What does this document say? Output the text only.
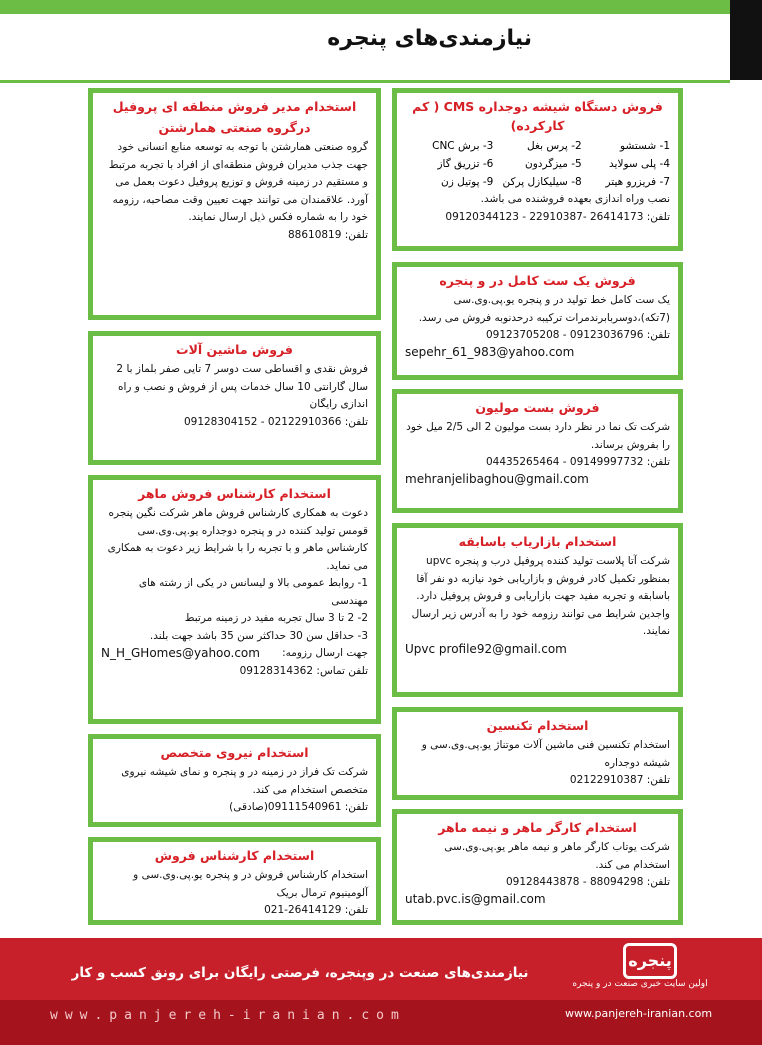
نیازمندی‌های پنجره
فروش دستگاه شیشه دوجداره CMS ( کم کارکرده)
1- شستشو
2- پرس بغل
3- برش CNC
4- پلی سولاید
5- میزگردون
6- تزریق گاز
7- فریزرو هیتر
8- سیلیکازل پرکن
9- پوتیل زن
نصب وراه اندازی بعهده فروشنده می باشد.
تلفن: 26414173 -22910387 - 09120344123
فروش یک ست کامل در و پنجره
یک ست کامل خط تولید در و پنجره یو.پی.وی.سی (7تکه)،دوسربابرندمرات ترکیبه درحدنوبه فروش می رسد.
تلفن: 09123036796 - 09123705208
sepehr_61_983@yahoo.com
فروش بست مولیون
شرکت تک نما در نظر دارد بست مولیون 2 الی 2/5 میل خود را بفروش برساند.
تلفن: 09149997732 - 04435265464
mehranjelibaghou@gmail.com
استخدام بازاریاب باسابقه
شرکت آتا پلاست تولید کننده پروفیل درب و پنجره upvc بمنظور تکمیل کادر فروش و بازاریابی خود نیازبه دو نفر آقا باسابقه و تجربه مفید جهت بازاریابی و فروش پروفیل دارد. واجدین شرایط می توانند رزومه خود را به آدرس زیر ارسال نمایند.
Upvc profile92@gmail.com
استخدام تکنسین
استخدام تکنسین فنی ماشین آلات موتناژ یو.پی.وی.سی و شیشه دوجداره
تلفن: 02122910387
استخدام کارگر ماهر و نیمه ماهر
شرکت یوتاب کارگر ماهر و نیمه ماهر یو.پی.وی.سی استخدام می کند.
تلفن: 88094298 - 09128443878
utab.pvc.is@gmail.com
استخدام مدیر فروش منطقه ای پروفیل
درگروه صنعتی همارشتن
گروه صنعتی همارشتن با توجه به توسعه منابع انسانی خود جهت جذب مدیران فروش منطقه‌ای از افراد با تجربه مرتبط و مستقیم در زمینه فروش و توزیع پروفیل دعوت بعمل می آورد. علاقمندان می توانند جهت تعیین وقت مصاحبه، رزومه خود را به شماره فکس ذیل ارسال نمایند.
تلفن: 88610819
فروش ماشین آلات
فروش نقدی و اقساطی ست دوسر 7 تایی صفر بلماز با 2 سال گارانتی 10 سال خدمات پس از فروش و نصب و راه اندازی رایگان
تلفن: 02122910366 - 09128304152
استخدام کارشناس فروش ماهر
دعوت به همکاری کارشناس فروش ماهر شرکت نگین پنجره قومس تولید کننده در و پنجره دوجداره یو.پی.وی.سی کارشناس ماهر و با تجربه را با شرایط زیر دعوت به همکاری می نماید.
1- روابط عمومی بالا و لیسانس در یکی از رشته های مهندسی
2- 2 تا 3 سال تجربه مفید در زمینه مرتبط
3- حداقل سن 30 حداکثر سن 35 باشد جهت بلند.
جهت ارسال رزومه:
N_H_GHomes@yahoo.com
تلفن تماس: 09128314362
استخدام نیروی متخصص
شرکت تک فراز در زمینه در و پنجره و نمای شیشه نیروی متخصص استخدام می کند.
تلفن: 09111540961(صادقی)
استخدام کارشناس فروش
استخدام کارشناس فروش در و پنجره یو.پی.وی.سی و آلومینیوم ترمال بریک
تلفن: 26414129-021
نیازمندی‌های صنعت در وپنجره، فرصتی رایگان برای رونق کسب و کار
www.panjereh-iranian.com
پنجره
اولین سایت خبری صنعت در و پنجره
www.panjereh-iranian.com
